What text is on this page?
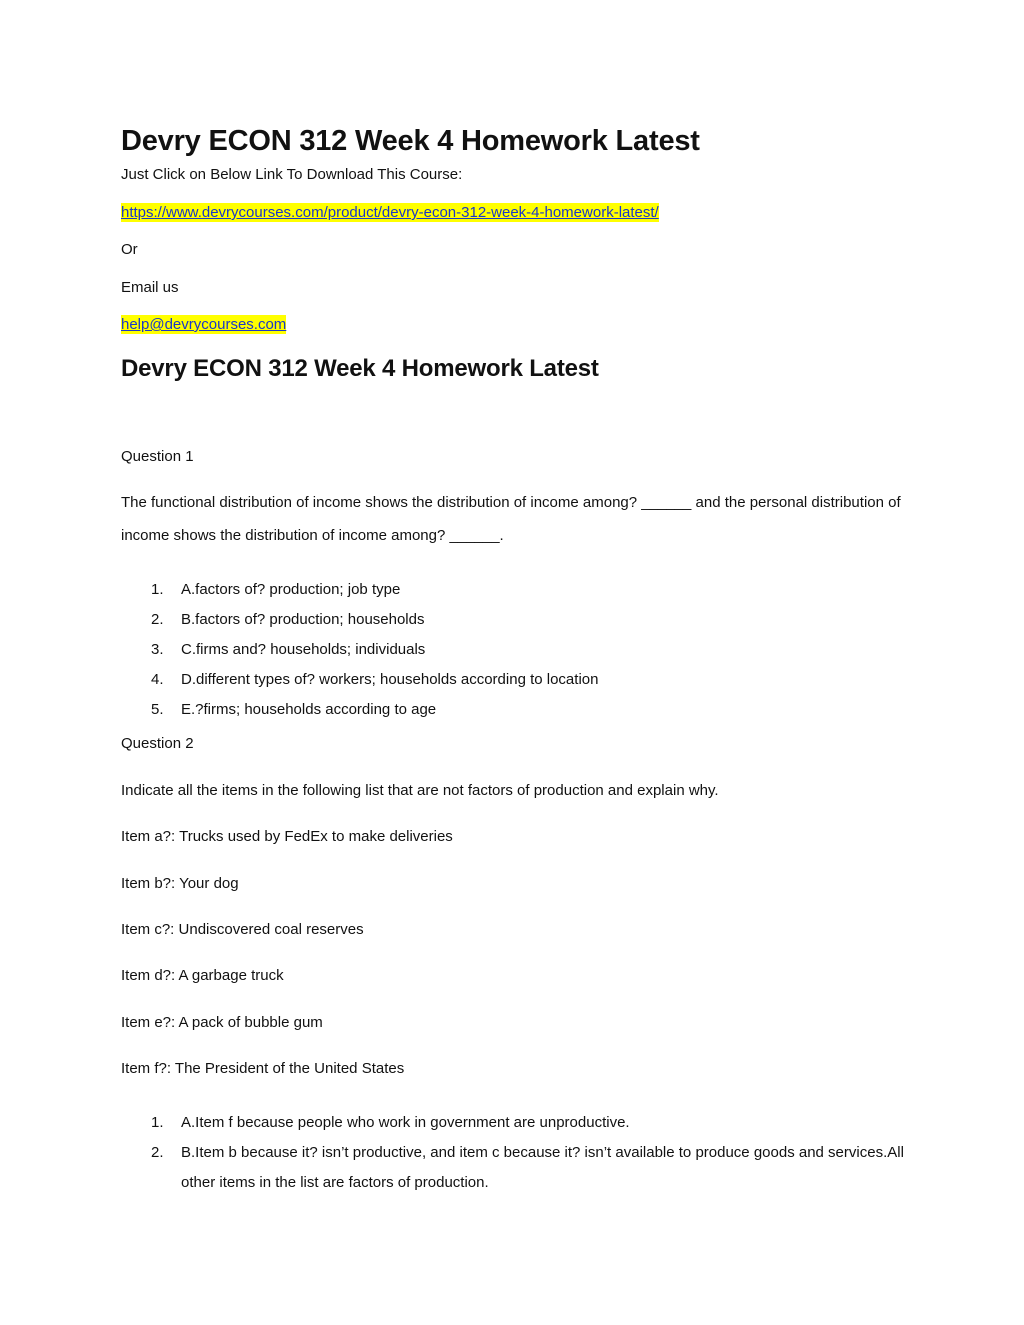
Devry ECON 312 Week 4 Homework Latest
Just Click on Below Link To Download This Course:
https://www.devrycourses.com/product/devry-econ-312-week-4-homework-latest/
Or
Email us
help@devrycourses.com
Devry ECON 312 Week 4 Homework Latest
Question 1
The functional distribution of income shows the distribution of income among? ______ and the personal distribution of income shows the distribution of income among? ______.
1. A.factors of? production; job type
2. B.factors of? production; households
3. C.firms and? households; individuals
4. D.different types of? workers; households according to location
5. E.?firms; households according to age
Question 2
Indicate all the items in the following list that are not factors of production and explain why.
Item a?: Trucks used by FedEx to make deliveries
Item b?: Your dog
Item c?: Undiscovered coal reserves
Item d?: A garbage truck
Item e?: A pack of bubble gum
Item f?: The President of the United States
1. A.Item f because people who work in government are unproductive.
2. B.Item b because it? isn’t productive, and item c because it? isn’t available to produce goods and services.All other items in the list are factors of production.
